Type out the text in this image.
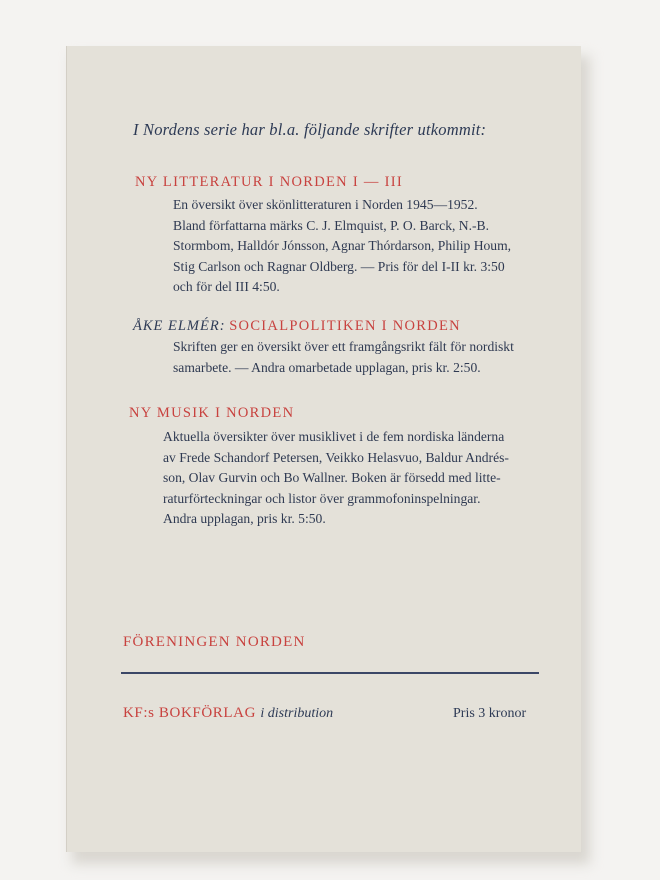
I Nordens serie har bl.a. följande skrifter utkommit:
NY LITTERATUR I NORDEN I — III
En översikt över skönlitteraturen i Norden 1945—1952.
Bland författarna märks C. J. Elmquist, P. O. Barck, N.-B.
Stormbom, Halldór Jónsson, Agnar Thórdarson, Philip Houm,
Stig Carlson och Ragnar Oldberg. — Pris för del I-II kr. 3:50
och för del III 4:50.
ÅKE ELMÉR: SOCIALPOLITIKEN I NORDEN
Skriften ger en översikt över ett framgångsrikt fält för nordiskt
samarbete. — Andra omarbetade upplagan, pris kr. 2:50.
NY MUSIK I NORDEN
Aktuella översikter över musiklivet i de fem nordiska länderna
av Frede Schandorf Petersen, Veikko Helasvuo, Baldur Andrés-
son, Olav Gurvin och Bo Wallner. Boken är försedd med litte-
raturförteckningar och listor över grammofoninspelningar.
Andra upplagan, pris kr. 5:50.
FÖRENINGEN NORDEN
KF:s BOKFÖRLAG i distribution	Pris 3 kronor
